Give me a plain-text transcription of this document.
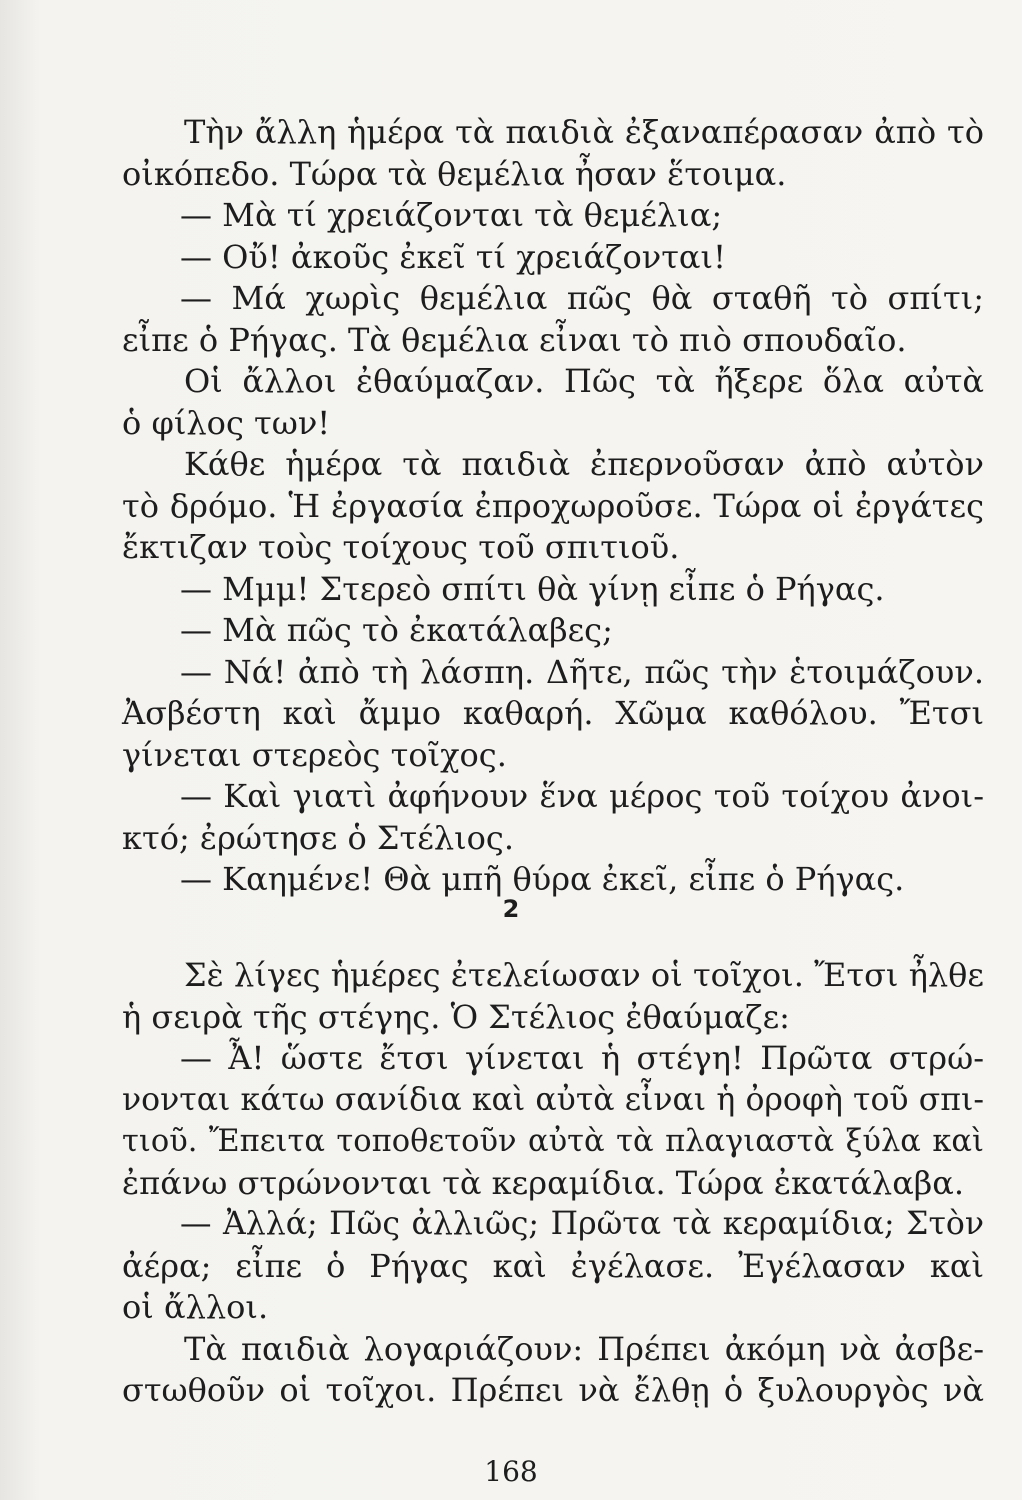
Τὴν ἄλλη ἡμέρα τὰ παιδιὰ ἐξαναπέρασαν ἀπὸ τὸ
οἰκόπεδο. Τώρα τὰ θεμέλια ἦσαν ἕτοιμα.
— Μὰ τί χρειάζονται τὰ θεμέλια;
— Οὔ! ἀκοῦς ἐκεῖ τί χρειάζονται!
— Μά χωρὶς θεμέλια πῶς θὰ σταθῆ τὸ σπίτι;
εἶπε ὁ Ρήγας. Τὰ θεμέλια εἶναι τὸ πιὸ σπουδαῖο.
Οἱ ἄλλοι ἐθαύμαζαν. Πῶς τὰ ἤξερε ὅλα αὐτὰ
ὁ φίλος των!
Κάθε ἡμέρα τὰ παιδιὰ ἐπερνοῦσαν ἀπὸ αὐτὸν
τὸ δρόμο. Ἡ ἐργασία ἐπροχωροῦσε. Τώρα οἱ ἐργάτες
ἔκτιζαν τοὺς τοίχους τοῦ σπιτιοῦ.
— Μμμ! Στερεὸ σπίτι θὰ γίνῃ εἶπε ὁ Ρήγας.
— Μὰ πῶς τὸ ἐκατάλαβες;
— Νά! ἀπὸ τὴ λάσπη. Δῆτε, πῶς τὴν ἑτοιμάζουν.
Ἀσβέστη καὶ ἄμμο καθαρή. Χῶμα καθόλου. Ἔτσι
γίνεται στερεὸς τοῖχος.
— Καὶ γιατὶ ἀφήνουν ἕνα μέρος τοῦ τοίχου ἀνοι-
κτό; ἐρώτησε ὁ Στέλιος.
— Καημένε! Θὰ μπῆ θύρα ἐκεῖ, εἶπε ὁ Ρήγας.
2
Σὲ λίγες ἡμέρες ἐτελείωσαν οἱ τοῖχοι. Ἔτσι ἦλθε
ἡ σειρὰ τῆς στέγης. Ὁ Στέλιος ἐθαύμαζε:
— Ἆ! ὥστε ἔτσι γίνεται ἡ στέγη! Πρῶτα στρώ-
νονται κάτω σανίδια καὶ αὐτὰ εἶναι ἡ ὀροφὴ τοῦ σπι-
τιοῦ. Ἔπειτα τοποθετοῦν αὐτὰ τὰ πλαγιαστὰ ξύλα καὶ
ἐπάνω στρώνονται τὰ κεραμίδια. Τώρα ἐκατάλαβα.
— Ἀλλά; Πῶς ἀλλιῶς; Πρῶτα τὰ κεραμίδια; Στὸν
ἀέρα; εἶπε ὁ Ρήγας καὶ ἐγέλασε. Ἐγέλασαν καὶ
οἱ ἄλλοι.
Τὰ παιδιὰ λογαριάζουν: Πρέπει ἀκόμη νὰ ἀσβε-
στωθοῦν οἱ τοῖχοι. Πρέπει νὰ ἔλθῃ ὁ ξυλουργὸς νὰ
168
